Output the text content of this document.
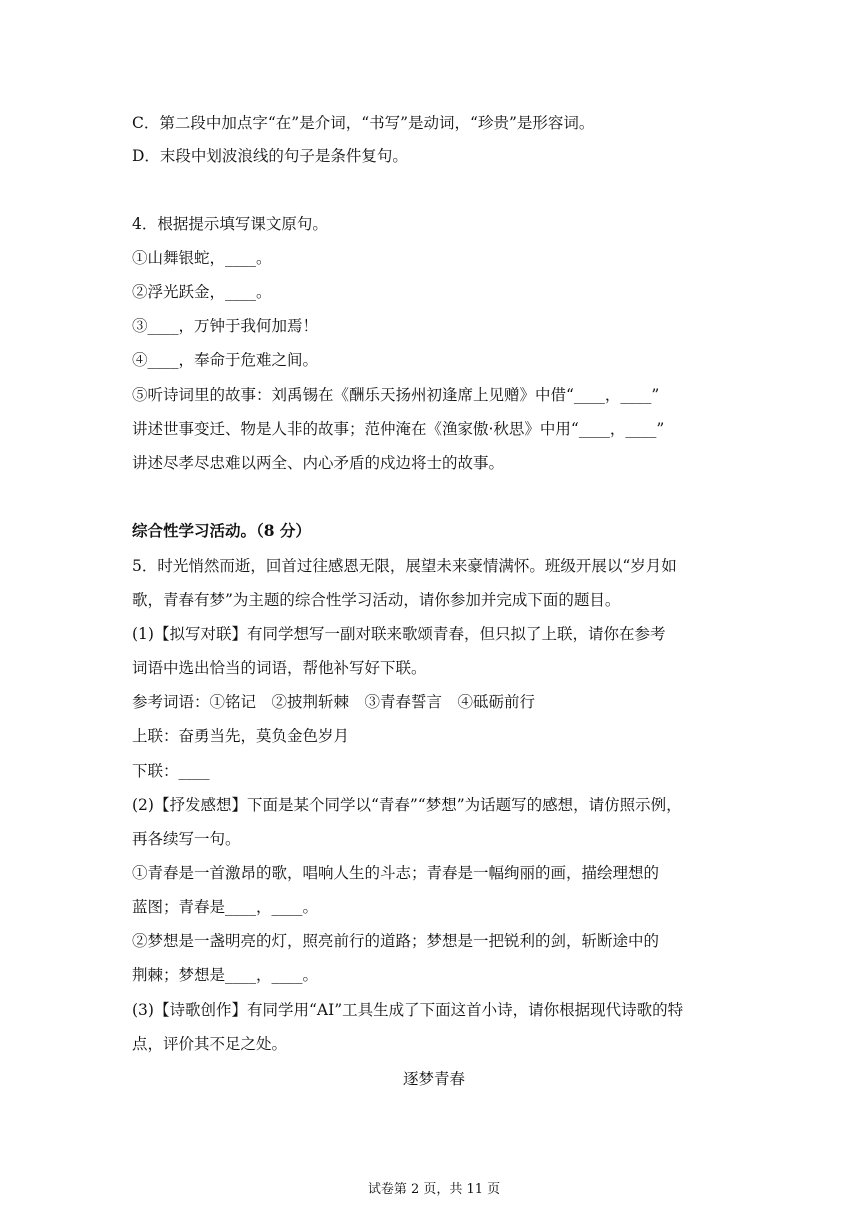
C．第二段中加点字“在”是介词，“书写”是动词，“珍贵”是形容词。
D．末段中划波浪线的句子是条件复句。
4．根据提示填写课文原句。
①山舞银蛇，____。
②浮光跃金，____。
③____，万钟于我何加焉！
④____，奉命于危难之间。
⑤听诗词里的故事：刘禹锡在《酬乐天扬州初逢席上见赠》中借“____，____”
讲述世事变迁、物是人非的故事；范仲淹在《渔家傲·秋思》中用“____，____”
讲述尽孝尽忠难以两全、内心矛盾的戍边将士的故事。
综合性学习活动。（8 分）
5．时光悄然而逝，回首过往感恩无限，展望未来豪情满怀。班级开展以“岁月如
歌，青春有梦”为主题的综合性学习活动，请你参加并完成下面的题目。
(1)【拟写对联】有同学想写一副对联来歌颂青春，但只拟了上联，请你在参考
词语中选出恰当的词语，帮他补写好下联。
参考词语：①铭记　②披荆斩棘　③青春誓言　④砥砺前行
上联：奋勇当先，莫负金色岁月
下联：____
(2)【抒发感想】下面是某个同学以“青春”“梦想”为话题写的感想，请仿照示例，
再各续写一句。
①青春是一首激昂的歌，唱响人生的斗志；青春是一幅绚丽的画，描绘理想的
蓝图；青春是____，____。
②梦想是一盏明亮的灯，照亮前行的道路；梦想是一把锐利的剑，斩断途中的
荆棘；梦想是____，____。
(3)【诗歌创作】有同学用“AI”工具生成了下面这首小诗，请你根据现代诗歌的特
点，评价其不足之处。
逐梦青春
试卷第 2 页，共 11 页
